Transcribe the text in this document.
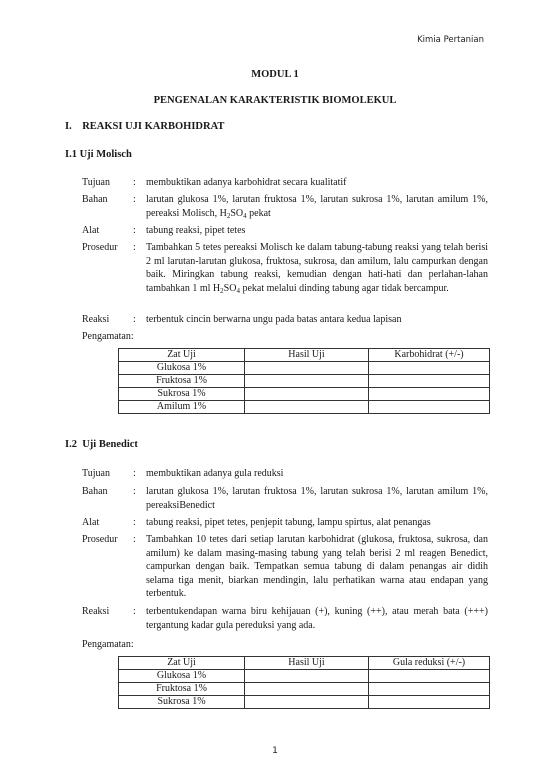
Kimia Pertanian
MODUL 1
PENGENALAN KARAKTERISTIK BIOMOLEKUL
I.    REAKSI UJI KARBOHIDRAT
I.1 Uji Molisch
Tujuan	: membuktikan adanya karbohidrat secara kualitatif
Bahan	: larutan glukosa 1%, larutan fruktosa 1%, larutan sukrosa 1%, larutan amilum 1%, pereaksi Molisch, $H_2SO_4$ pekat
Alat	: tabung reaksi, pipet tetes
Prosedur	: Tambahkan 5 tetes pereaksi Molisch ke dalam tabung-tabung reaksi yang telah berisi 2 ml larutan-larutan glukosa, fruktosa, sukrosa, dan amilum, lalu campurkan dengan baik. Miringkan tabung reaksi, kemudian dengan hati-hati dan perlahan-lahan tambahkan 1 ml $H_2SO_4$ pekat melalui dinding tabung agar tidak bercampur.
Reaksi	: terbentuk cincin berwarna ungu pada batas antara kedua lapisan
Pengamatan:
Zat Uji	Hasil Uji	Karbohidrat (+/-)
Glukosa 1%		
Fruktosa 1%		
Sukrosa 1%		
Amilum 1%		
I.2  Uji Benedict
Tujuan	: membuktikan adanya gula reduksi
Bahan	: larutan glukosa 1%, larutan fruktosa 1%, larutan sukrosa 1%, larutan amilum 1%, pereaksiBenedict
Alat	: tabung reaksi, pipet tetes, penjepit tabung, lampu spirtus, alat penangas
Prosedur	: Tambahkan 10 tetes dari setiap larutan karbohidrat (glukosa, fruktosa, sukrosa, dan amilum) ke dalam masing-masing tabung yang telah berisi 2 ml reagen Benedict, campurkan dengan baik. Tempatkan semua tabung di dalam penangas air didih selama tiga menit, biarkan mendingin, lalu perhatikan warna atau endapan yang terbentuk.
Reaksi	: terbentukendapan warna biru kehijauan (+), kuning (++), atau merah bata (+++) tergantung kadar gula pereduksi yang ada.
Pengamatan:
Zat Uji	Hasil Uji	Gula reduksi (+/-)
Glukosa 1%		
Fruktosa 1%		
Sukrosa 1%		
1
